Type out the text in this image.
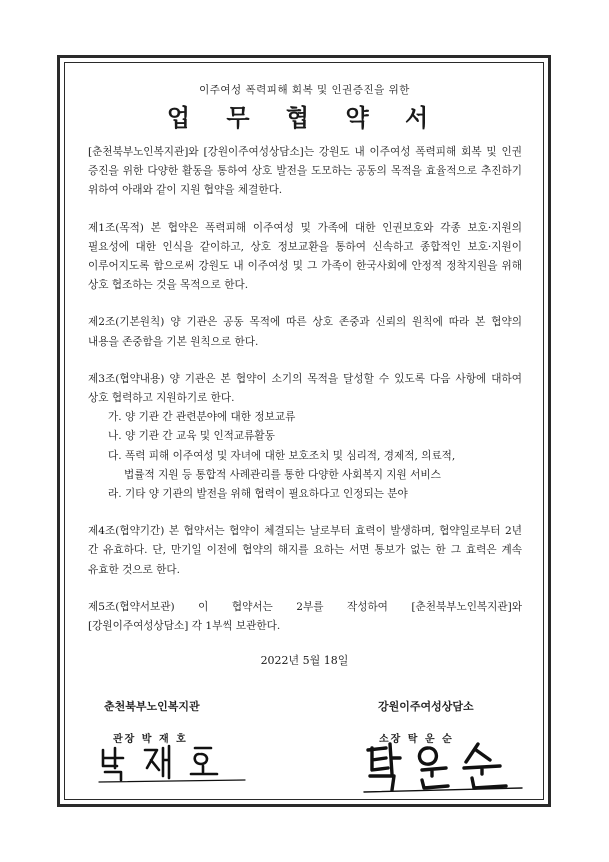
이주여성 폭력피해 회복 및 인권증진을 위한
업 무 협 약 서

[춘천북부노인복지관]와 [강원이주여성상담소]는 강원도 내 이주여성 폭력피해 회복 및 인권 증진을 위한 다양한 활동을 통하여 상호 발전을 도모하는 공동의 목적을 효율적으로 추진하기 위하여 아래와 같이 지원 협약을 체결한다.

제1조(목적) 본 협약은 폭력피해 이주여성 및 가족에 대한 인권보호와 각종 보호·지원의 필요성에 대한 인식을 같이하고, 상호 정보교환을 통하여 신속하고 종합적인 보호·지원이 이루어지도록 함으로써 강원도 내 이주여성 및 그 가족이 한국사회에 안정적 정착지원을 위해 상호 협조하는 것을 목적으로 한다.

제2조(기본원칙) 양 기관은 공동 목적에 따른 상호 존중과 신뢰의 원칙에 따라 본 협약의 내용을 존중함을 기본 원칙으로 한다.

제3조(협약내용) 양 기관은 본 협약이 소기의 목적을 달성할 수 있도록 다음 사항에 대하여 상호 협력하고 지원하기로 한다.

가. 양 기관 간 관련분야에 대한 정보교류
나. 양 기관 간 교육 및 인적교류활동
다. 폭력 피해 이주여성 및 자녀에 대한 보호조치 및 심리적, 경제적, 의료적,
법률적 지원 등 통합적 사례관리를 통한 다양한 사회복지 지원 서비스
라. 기타 양 기관의 발전을 위해 협력이 필요하다고 인정되는 분야

제4조(협약기간) 본 협약서는 협약이 체결되는 날로부터 효력이 발생하며, 협약일로부터 2년 간 유효하다. 단, 만기일 이전에 협약의 해지를 요하는 서면 통보가 없는 한 그 효력은 계속 유효한 것으로 한다.

제5조(협약서보관) 이 협약서는 2부를 작성하여 [춘천북부노인복지관]와 [강원이주여성상담소] 각 1부씩 보관한다.

2022년 5월 18일
춘천북부노인복지관	강원이주여성상담소
관장 박 재 호	소장 탁 운 순
